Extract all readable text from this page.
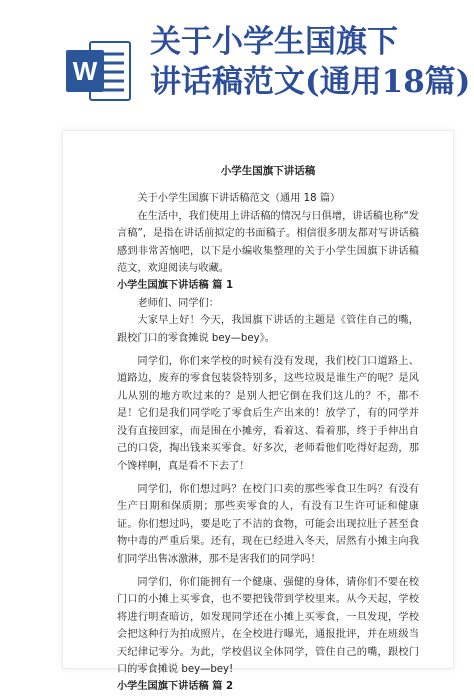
W
关于小学生国旗下
讲话稿范文(通用18篇)
小学生国旗下讲话稿

关于小学生国旗下讲话稿范文（通用 18 篇）

在生活中，我们使用上讲话稿的情况与日俱增，讲话稿也称“发言稿”，是指在讲话前拟定的书面稿子。相信很多朋友都对写讲话稿感到非常苦恼吧，以下是小编收集整理的关于小学生国旗下讲话稿范文，欢迎阅读与收藏。

小学生国旗下讲话稿 篇 1

老师们、同学们：

大家早上好！今天，我国旗下讲话的主题是《管住自己的嘴，跟校门口的零食摊说 bey—bey》。

同学们，你们来学校的时候有没有发现，我们校门口道路上、道路边，废弃的零食包装袋特别多，这些垃圾是谁生产的呢？是风儿从别的地方吹过来的？是别人把它倒在我们这儿的？不，都不是！它们是我们同学吃了零食后生产出来的！放学了，有的同学并没有直接回家，而是围在小摊旁，看着这、看着那，终于手伸出自己的口袋，掏出钱来买零食。好多次，老师看他们吃得好起劲，那个馋样啊，真是看不下去了！

同学们，你们想过吗？在校门口卖的那些零食卫生吗？有没有生产日期和保质期；那些卖零食的人，有没有卫生许可证和健康证。你们想过吗，要是吃了不洁的食物，可能会出现拉肚子甚至食物中毒的严重后果。还有，现在已经进入冬天，居然有小摊主向我们同学出售冰激淋，那不是害我们的同学吗！

同学们，你们能拥有一个健康、强健的身体，请你们不要在校门口的小摊上买零食，也不要把钱带到学校里来。从今天起，学校将进行明查暗访，如发现同学还在小摊上买零食，一旦发现，学校会把这种行为拍成照片，在全校进行曝光，通报批评，并在班级当天纪律记零分。为此，学校倡议全体同学，管住自己的嘴，跟校门口的零食摊说 bey—bey!

小学生国旗下讲话稿 篇 2
